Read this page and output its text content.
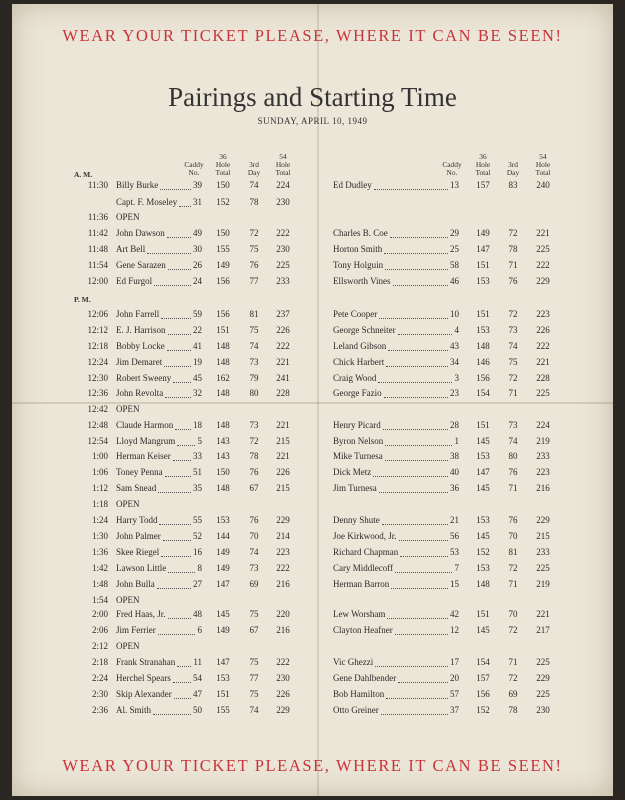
WEAR YOUR TICKET PLEASE, WHERE IT CAN BE SEEN!
Pairings and Starting Time
SUNDAY, APRIL 10, 1949
Caddy
No.
36
Hole
Total
3rd
Day
54
Hole
Total
Caddy
No.
36
Hole
Total
3rd
Day
54
Hole
Total
A. M.
P. M.
11:30 Billy Burke	39	150	74	224	Ed Dudley	13	157	83	240
Capt. F. Moseley	31	152	78	230
11:36 OPEN
11:42 John Dawson	49	150	72	222	Charles B. Coe	29	149	72	221
11:48 Art Bell	30	155	75	230	Horton Smith	25	147	78	225
11:54 Gene Sarazen	26	149	76	225	Tony Holguin	58	151	71	222
12:00 Ed Furgol	24	156	77	233	Ellsworth Vines	46	153	76	229
12:06 John Farrell	59	156	81	237	Pete Cooper	10	151	72	223
12:12 E. J. Harrison	22	151	75	226	George Schneiter	4	153	73	226
12:18 Bobby Locke	41	148	74	222	Leland Gibson	43	148	74	222
12:24 Jim Demaret	19	148	73	221	Chick Harbert	34	146	75	221
12:30 Robert Sweeny	45	162	79	241	Craig Wood	3	156	72	228
12:36 John Revolta	32	148	80	228	George Fazio	23	154	71	225
12:42 OPEN
12:48 Claude Harmon	18	148	73	221	Henry Picard	28	151	73	224
12:54 Lloyd Mangrum	5	143	72	215	Byron Nelson	1	145	74	219
1:00 Herman Keiser	33	143	78	221	Mike Turnesa	38	153	80	233
1:06 Toney Penna	51	150	76	226	Dick Metz	40	147	76	223
1:12 Sam Snead	35	148	67	215	Jim Turnesa	36	145	71	216
1:18 OPEN
1:24 Harry Todd	55	153	76	229	Denny Shute	21	153	76	229
1:30 John Palmer	52	144	70	214	Joe Kirkwood, Jr.	56	145	70	215
1:36 Skee Riegel	16	149	74	223	Richard Chapman	53	152	81	233
1:42 Lawson Little	8	149	73	222	Cary Middlecoff	7	153	72	225
1:48 John Bulla	27	147	69	216	Herman Barron	15	148	71	219
1:54 OPEN
2:00 Fred Haas, Jr.	48	145	75	220	Lew Worsham	42	151	70	221
2:06 Jim Ferrier	6	149	67	216	Clayton Heafner	12	145	72	217
2:12 OPEN
2:18 Frank Stranahan	11	147	75	222	Vic Ghezzi	17	154	71	225
2:24 Herchel Spears	54	153	77	230	Gene Dahlbender	20	157	72	229
2:30 Skip Alexander	47	151	75	226	Bob Hamilton	57	156	69	225
2:36 Al. Smith	50	155	74	229	Otto Greiner	37	152	78	230
WEAR YOUR TICKET PLEASE, WHERE IT CAN BE SEEN!
